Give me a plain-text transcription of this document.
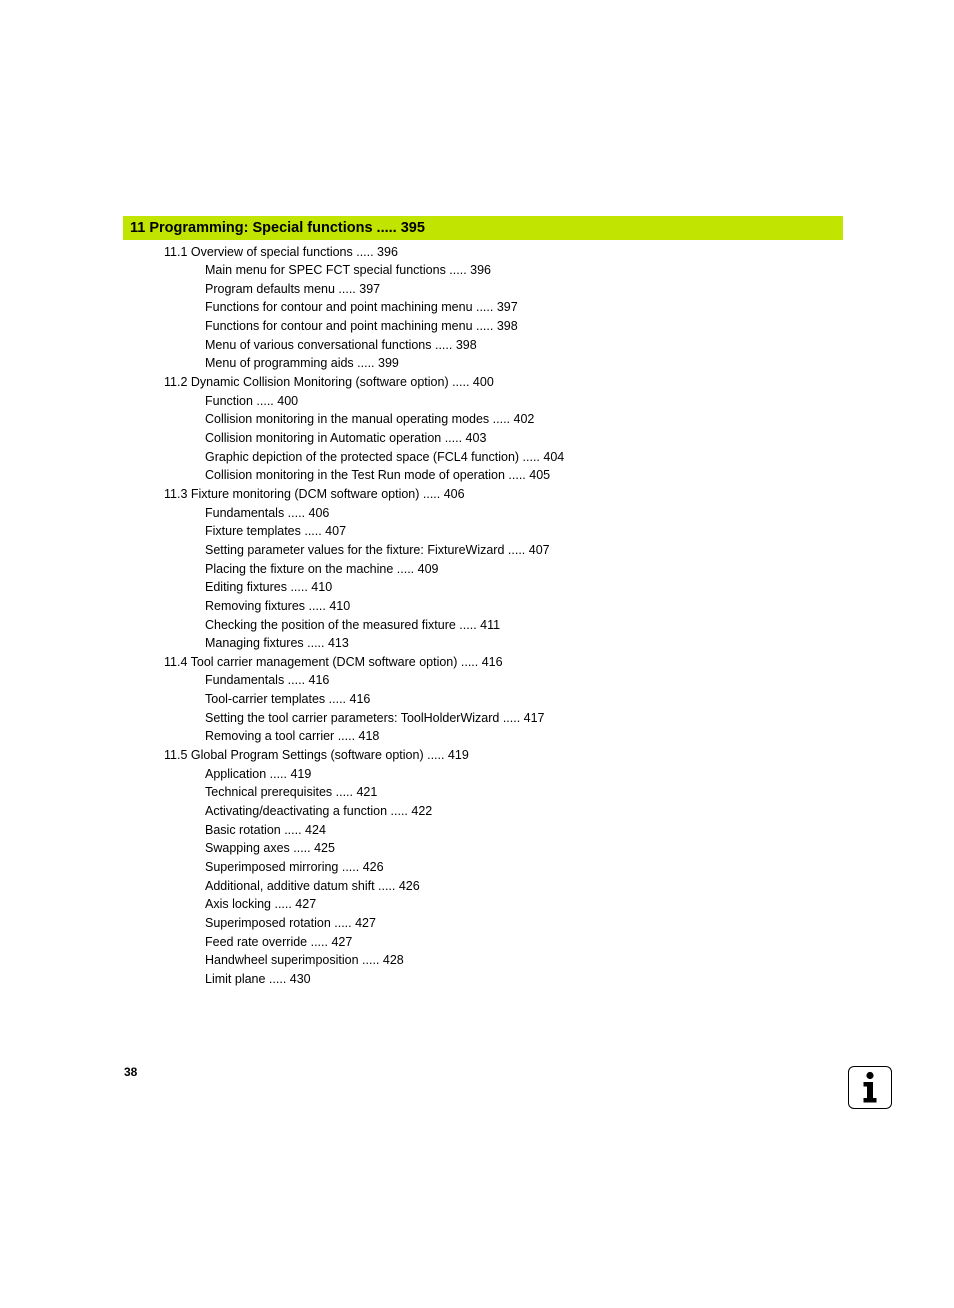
11 Programming: Special functions ..... 395
11.1 Overview of special functions ..... 396
Main menu for SPEC FCT special functions ..... 396
Program defaults menu ..... 397
Functions for contour and point machining menu ..... 397
Functions for contour and point machining menu ..... 398
Menu of various conversational functions ..... 398
Menu of programming aids ..... 399
11.2 Dynamic Collision Monitoring (software option) ..... 400
Function ..... 400
Collision monitoring in the manual operating modes ..... 402
Collision monitoring in Automatic operation ..... 403
Graphic depiction of the protected space (FCL4 function) ..... 404
Collision monitoring in the Test Run mode of operation ..... 405
11.3 Fixture monitoring (DCM software option) ..... 406
Fundamentals ..... 406
Fixture templates ..... 407
Setting parameter values for the fixture: FixtureWizard ..... 407
Placing the fixture on the machine ..... 409
Editing fixtures ..... 410
Removing fixtures ..... 410
Checking the position of the measured fixture ..... 411
Managing fixtures ..... 413
11.4 Tool carrier management (DCM software option) ..... 416
Fundamentals ..... 416
Tool-carrier templates ..... 416
Setting the tool carrier parameters: ToolHolderWizard ..... 417
Removing a tool carrier ..... 418
11.5 Global Program Settings (software option) ..... 419
Application ..... 419
Technical prerequisites ..... 421
Activating/deactivating a function ..... 422
Basic rotation ..... 424
Swapping axes ..... 425
Superimposed mirroring ..... 426
Additional, additive datum shift ..... 426
Axis locking ..... 427
Superimposed rotation ..... 427
Feed rate override ..... 427
Handwheel superimposition ..... 428
Limit plane ..... 430
38
